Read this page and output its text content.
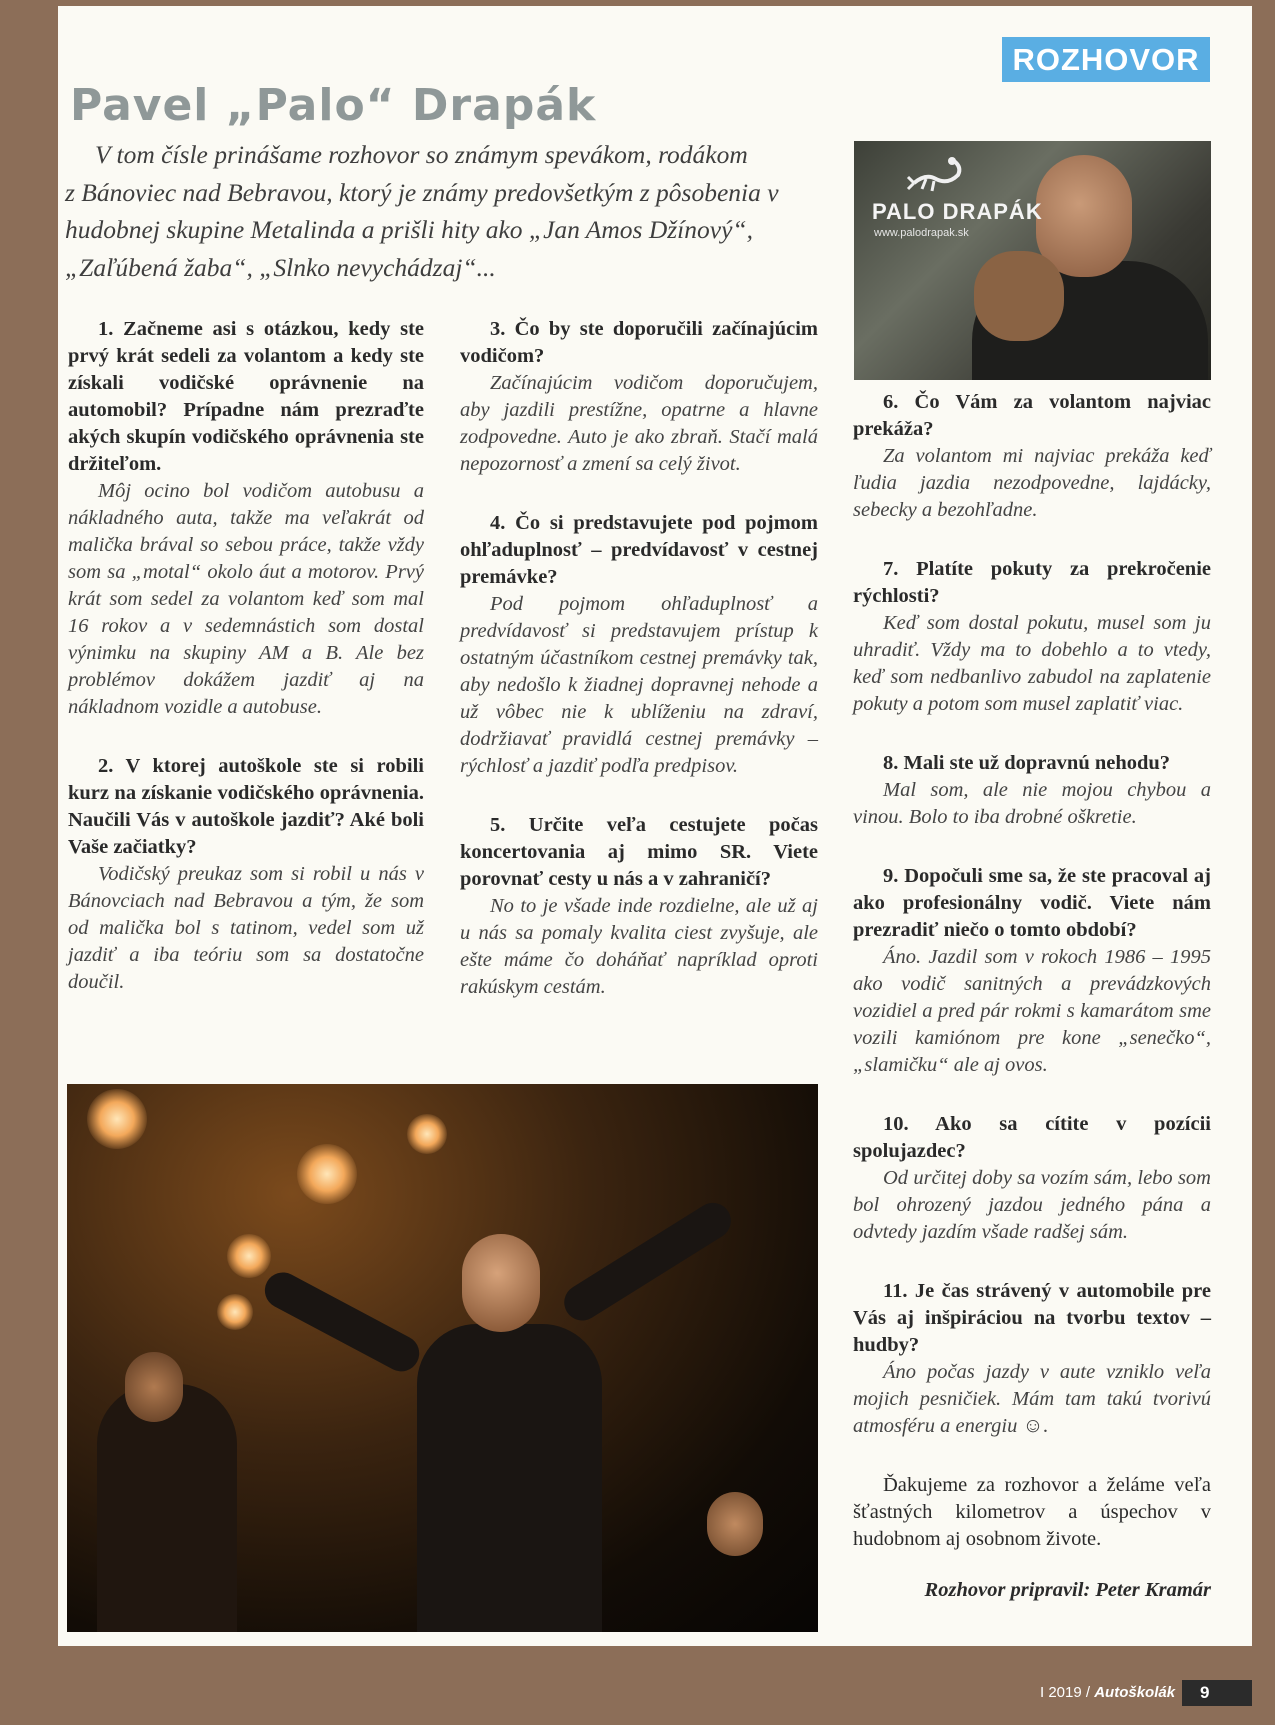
ROZHOVOR
Pavel „Palo“ Drapák

V tom čísle prinášame rozhovor so známym spevákom, rodákom
z Bánoviec nad Bebravou, ktorý je známy predovšetkým z pôsobenia v hudobnej skupine Metalinda a prišli hity ako „Jan Amos Džínový“, „Zaľúbená žaba“, „Slnko nevychádzaj“...

PALO DRAPÁK
www.palodrapak.sk

1. Začneme asi s otázkou, kedy ste prvý krát sedeli za volantom a kedy ste získali vodičské oprávnenie na automobil? Prípadne nám prezraďte akých skupín vodičského oprávnenia ste držiteľom.

Môj ocino bol vodičom autobusu a nákladného auta, takže ma veľakrát od malička brával so sebou práce, takže vždy som sa „motal“ okolo áut a motorov. Prvý krát som sedel za volantom keď som mal 16 rokov a v sedemnástich som dostal výnimku na skupiny AM a B. Ale bez problémov dokážem jazdiť aj na nákladnom vozidle a autobuse.

2. V ktorej autoškole ste si robili kurz na získanie vodičského oprávnenia. Naučili Vás v autoškole jazdiť? Aké boli Vaše začiatky?

Vodičský preukaz som si robil u nás v Bánovciach nad Bebravou a tým, že som od malička bol s tatinom, vedel som už jazdiť a iba teóriu som sa dostatočne doučil.

3. Čo by ste doporučili začínajúcim vodičom?

Začínajúcim vodičom doporučujem, aby jazdili prestížne, opatrne a hlavne zodpovedne. Auto je ako zbraň. Stačí malá nepozornosť a zmení sa celý život.

4. Čo si predstavujete pod pojmom ohľaduplnosť – predvídavosť v cestnej premávke?

Pod pojmom ohľaduplnosť a predvídavosť si predstavujem prístup k ostatným účastníkom cestnej premávky tak, aby nedošlo k žiadnej dopravnej nehode a už vôbec nie k ublíženiu na zdraví, dodržiavať pravidlá cestnej premávky – rýchlosť a jazdiť podľa predpisov.

5. Určite veľa cestujete počas koncertovania aj mimo SR. Viete porovnať cesty u nás a v zahraničí?

No to je všade inde rozdielne, ale už aj u nás sa pomaly kvalita ciest zvyšuje, ale ešte máme čo doháňať napríklad oproti rakúskym cestám.

6. Čo Vám za volantom najviac prekáža?

Za volantom mi najviac prekáža keď ľudia jazdia nezodpovedne, lajdácky, sebecky a bezohľadne.

7. Platíte pokuty za prekročenie rýchlosti?

Keď som dostal pokutu, musel som ju uhradiť. Vždy ma to dobehlo a to vtedy, keď som nedbanlivo zabudol na zaplatenie pokuty a potom som musel zaplatiť viac.

8. Mali ste už dopravnú nehodu?

Mal som, ale nie mojou chybou a vinou. Bolo to iba drobné oškretie.

9. Dopočuli sme sa, že ste pracoval aj ako profesionálny vodič. Viete nám prezradiť niečo o tomto období?

Áno. Jazdil som v rokoch 1986 – 1995 ako vodič sanitných a prevádzkových vozidiel a pred pár rokmi s kamarátom sme vozili kamiónom pre kone „senečko“, „slamičku“ ale aj ovos.

10. Ako sa cítite v pozícii spolujazdec?

Od určitej doby sa vozím sám, lebo som bol ohrozený jazdou jedného pána a odvtedy jazdím všade radšej sám.

11. Je čas strávený v automobile pre Vás aj inšpiráciou na tvorbu textov – hudby?

Áno počas jazdy v aute vzniklo veľa mojich pesničiek. Mám tam takú tvorivú atmosféru a energiu ☺.

Ďakujeme za rozhovor a želáme veľa šťastných kilometrov a úspechov v hudobnom aj osobnom živote.

Rozhovor pripravil: Peter Kramár

I 2019 / Autoškolák	9
